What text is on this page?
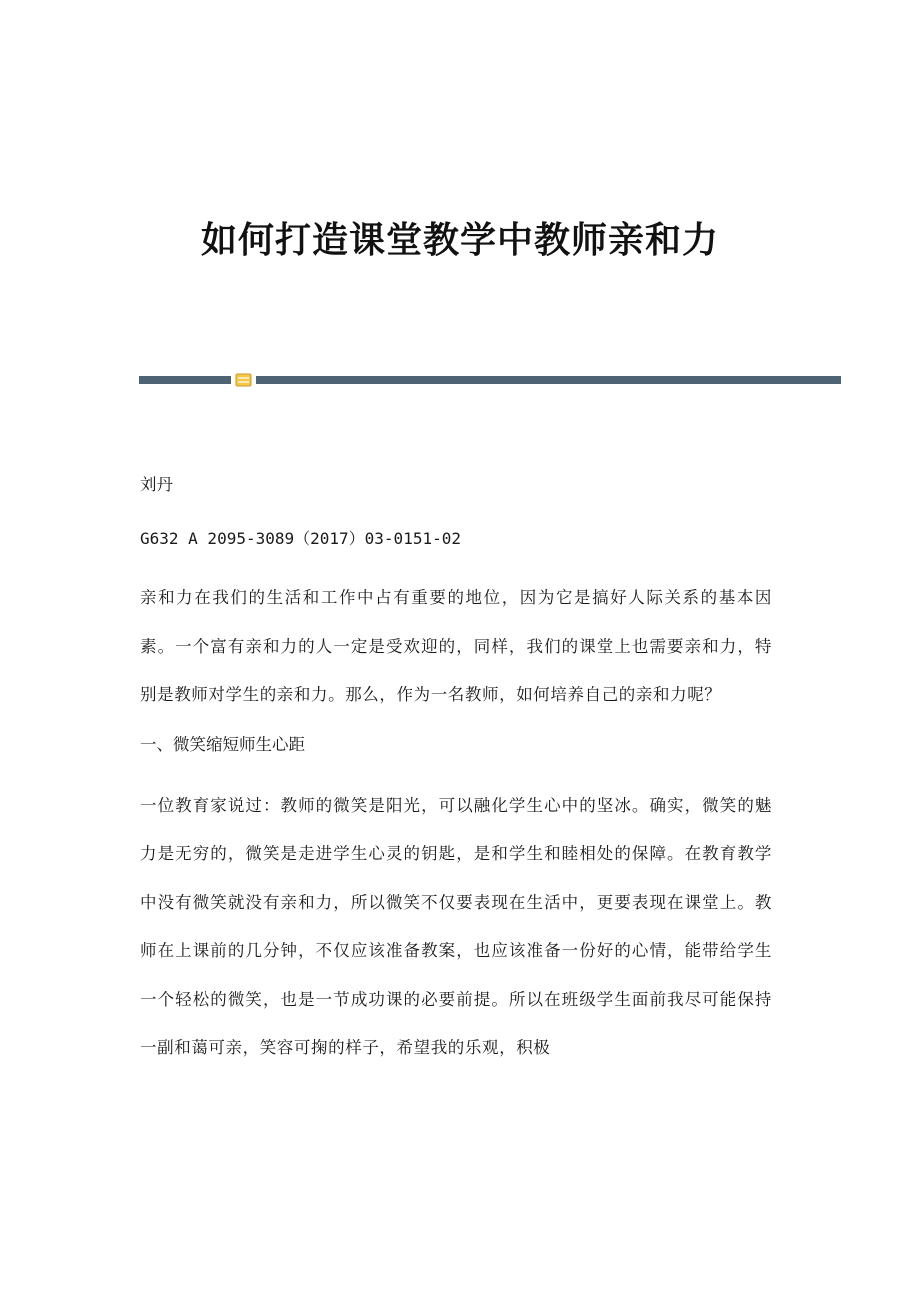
如何打造课堂教学中教师亲和力

刘丹

G632 A 2095-3089（2017）03-0151-02

亲和力在我们的生活和工作中占有重要的地位，因为它是搞好人际关系的基本因素。一个富有亲和力的人一定是受欢迎的，同样，我们的课堂上也需要亲和力，特别是教师对学生的亲和力。那么，作为一名教师，如何培养自己的亲和力呢？

一、微笑缩短师生心距

一位教育家说过：教师的微笑是阳光，可以融化学生心中的坚冰。确实，微笑的魅力是无穷的，微笑是走进学生心灵的钥匙，是和学生和睦相处的保障。在教育教学中没有微笑就没有亲和力，所以微笑不仅要表现在生活中，更要表现在课堂上。教师在上课前的几分钟，不仅应该准备教案，也应该准备一份好的心情，能带给学生一个轻松的微笑，也是一节成功课的必要前提。所以在班级学生面前我尽可能保持一副和蔼可亲，笑容可掬的样子，希望我的乐观，积极
